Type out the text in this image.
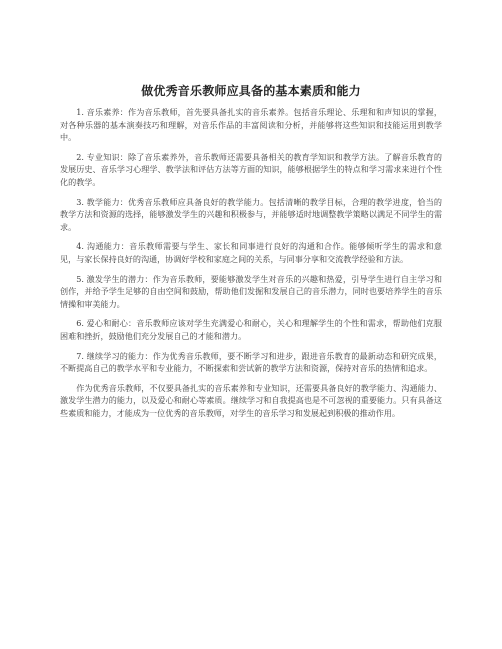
做优秀音乐教师应具备的基本素质和能力

1. 音乐素养：作为音乐教师，首先要具备扎实的音乐素养。包括音乐理论、乐理和和声知识的掌握，对各种乐器的基本演奏技巧和理解，对音乐作品的丰富阅读和分析，并能够将这些知识和技能运用到教学中。

2. 专业知识：除了音乐素养外，音乐教师还需要具备相关的教育学知识和教学方法。了解音乐教育的发展历史、音乐学习心理学、教学法和评估方法等方面的知识，能够根据学生的特点和学习需求来进行个性化的教学。

3. 教学能力：优秀音乐教师应具备良好的教学能力。包括清晰的教学目标，合理的教学进度，恰当的教学方法和资源的选择，能够激发学生的兴趣和积极参与，并能够适时地调整教学策略以满足不同学生的需求。

4. 沟通能力：音乐教师需要与学生、家长和同事进行良好的沟通和合作。能够倾听学生的需求和意见，与家长保持良好的沟通，协调好学校和家庭之间的关系，与同事分享和交流教学经验和方法。

5. 激发学生的潜力：作为音乐教师，要能够激发学生对音乐的兴趣和热爱，引导学生进行自主学习和创作，并给予学生足够的自由空间和鼓励，帮助他们发掘和发展自己的音乐潜力，同时也要培养学生的音乐情操和审美能力。

6. 爱心和耐心：音乐教师应该对学生充满爱心和耐心，关心和理解学生的个性和需求，帮助他们克服困难和挫折，鼓励他们充分发展自己的才能和潜力。

7. 继续学习的能力：作为优秀音乐教师，要不断学习和进步，跟进音乐教育的最新动态和研究成果，不断提高自己的教学水平和专业能力，不断探索和尝试新的教学方法和资源，保持对音乐的热情和追求。

作为优秀音乐教师，不仅要具备扎实的音乐素养和专业知识，还需要具备良好的教学能力、沟通能力、激发学生潜力的能力，以及爱心和耐心等素质。继续学习和自我提高也是不可忽视的重要能力。只有具备这些素质和能力，才能成为一位优秀的音乐教师，对学生的音乐学习和发展起到积极的推动作用。
